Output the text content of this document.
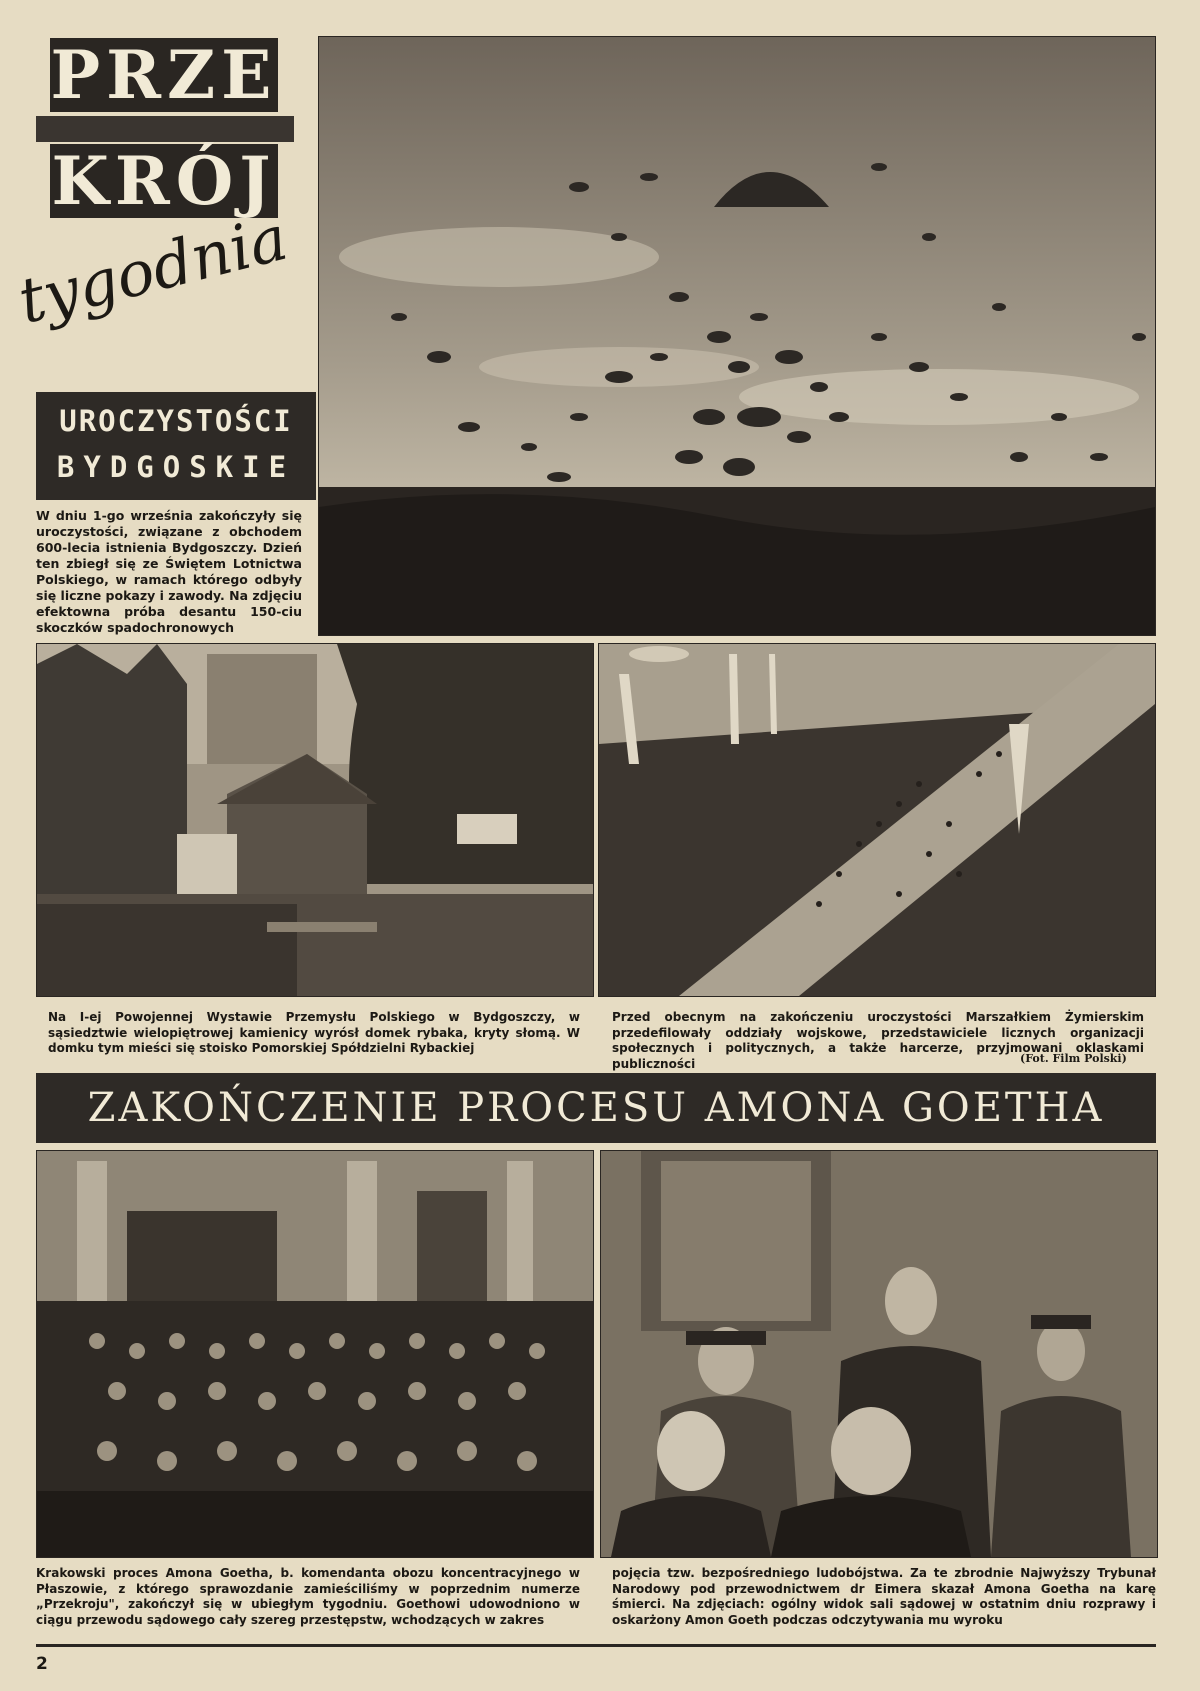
PRZE
KRÓJ
tygodnia
UROCZYSTOŚCI
BYDGOSKIE
W dniu 1-go września zakończyły się uroczystości, związane z obchodem 600-lecia istnienia Bydgoszczy. Dzień ten zbiegł się ze Świętem Lotnictwa Polskiego, w ramach którego odbyły się liczne pokazy i zawody. Na zdjęciu efektowna próba desantu 150-ciu skoczków spadochronowych
Na I-ej Powojennej Wystawie Przemysłu Polskiego w Bydgoszczy, w sąsiedztwie wielopiętrowej kamienicy wyrósł domek rybaka, kryty słomą. W domku tym mieści się stoisko Pomorskiej Spółdzielni Rybackiej
Przed obecnym na zakończeniu uroczystości Marszałkiem Żymierskim przedefilowały oddziały wojskowe, przedstawiciele licznych organizacji społecznych i politycznych, a także harcerze, przyjmowani oklaskami publiczności	(Fot. Film Polski)
ZAKOŃCZENIE PROCESU AMONA GOETHA
Krakowski proces Amona Goetha, b. komendanta obozu koncentracyjnego w Płaszowie, z którego sprawozdanie zamieściliśmy w poprzednim numerze „Przekroju", zakończył się w ubiegłym tygodniu. Goethowi udowodniono w ciągu przewodu sądowego cały szereg przestępstw, wchodzących w zakres
pojęcia tzw. bezpośredniego ludobójstwa. Za te zbrodnie Najwyższy Trybunał Narodowy pod przewodnictwem dr Eimera skazał Amona Goetha na karę śmierci. Na zdjęciach: ogólny widok sali sądowej w ostatnim dniu rozprawy i oskarżony Amon Goeth podczas odczytywania mu wyroku
2
